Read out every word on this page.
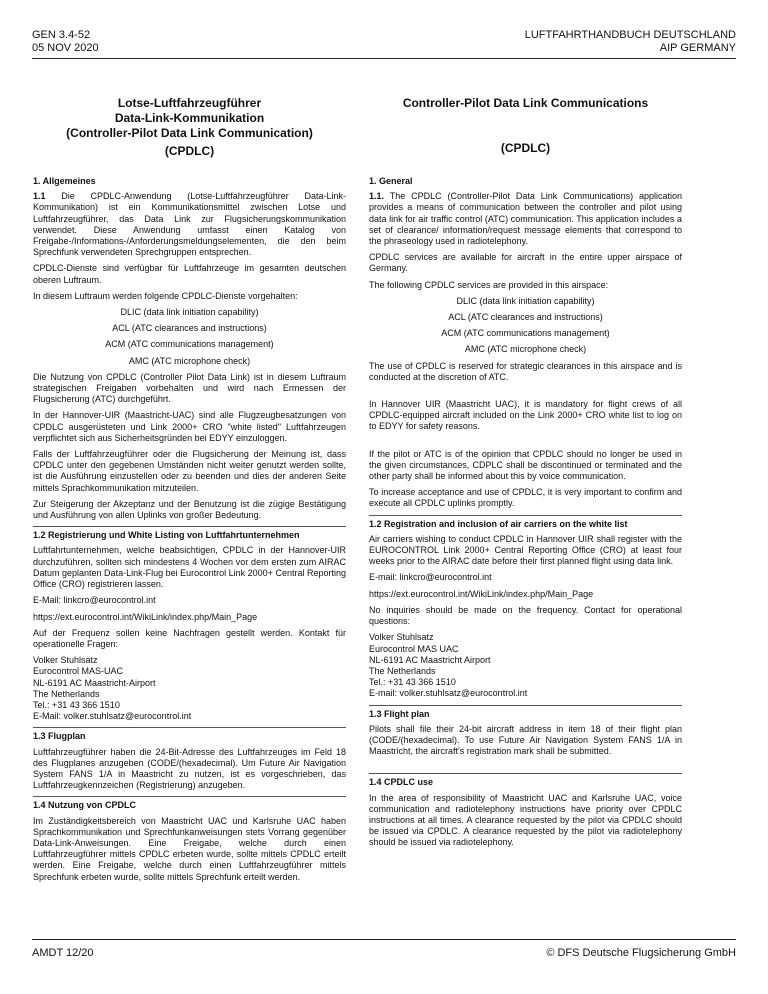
GEN 3.4-52
05 NOV 2020
LUFTFAHRTHANDBUCH DEUTSCHLAND
AIP GERMANY
Lotse-Luftfahrzeugführer
Data-Link-Kommunikation
(Controller-Pilot Data Link Communication)
(CPDLC)
Controller-Pilot Data Link Communications
(CPDLC)

1. Allgemeines

1.1 Die CPDLC-Anwendung (Lotse-Luftfahrzeugführer Data-Link-Kommunikation) ist ein Kommunikationsmittel zwischen Lotse und Luftfahrzeugführer, das Data Link zur Flugsicherungskommunikation verwendet. Diese Anwendung umfasst einen Katalog von Freigabe-/Informations-/Anforderungsmeldungselementen, die den beim Sprechfunk verwendeten Sprechgruppen entsprechen.

CPDLC-Dienste sind verfügbar für Luftfahrzeuge im gesamten deutschen oberen Luftraum.

In diesem Luftraum werden folgende CPDLC-Dienste vorgehalten:

DLIC (data link initiation capability)

ACL (ATC clearances and instructions)

ACM (ATC communications management)

AMC (ATC microphone check)

Die Nutzung von CPDLC (Controller Pilot Data Link) ist in diesem Luftraum strategischen Freigaben vorbehalten und wird nach Ermessen der Flugsicherung (ATC) durchgeführt.

In der Hannover-UIR (Maastricht-UAC) sind alle Flugzeugbesatzungen von CPDLC ausgerüsteten und Link 2000+ CRO "white listed" Luftfahrzeugen verpflichtet sich aus Sicherheitsgründen bei EDYY einzuloggen.

Falls der Luftfahrzeugführer oder die Flugsicherung der Meinung ist, dass CPDLC unter den gegebenen Umständen nicht weiter genutzt werden sollte, ist die Ausführung einzustellen oder zu beenden und dies der anderen Seite mittels Sprachkommunikation mitzuteilen.

Zur Steigerung der Akzeptanz und der Benutzung ist die zügige Bestätigung und Ausführung von allen Uplinks von großer Bedeutung.

1.2 Registrierung und White Listing von Luftfahrtunternehmen

Luftfahrtunternehmen, welche beabsichtigen, CPDLC in der Hannover-UIR durchzuführen, sollten sich mindestens 4 Wochen vor dem ersten zum AIRAC Datum geplanten Data-Link-Flug bei Eurocontrol Link 2000+ Central Reporting Office (CRO) registrieren lassen.

E-Mail: linkcro@eurocontrol.int

https://ext.eurocontrol.int/WikiLink/index.php/Main_Page

Auf der Frequenz sollen keine Nachfragen gestellt werden. Kontakt für operationelle Fragen:

Volker Stuhlsatz
Eurocontrol MAS-UAC
NL-6191 AC Maastricht-Airport
The Netherlands
Tel.: +31 43 366 1510
E-Mail: volker.stuhlsatz@eurocontrol.int

1.3 Flugplan

Luftfahrzeugführer haben die 24-Bit-Adresse des Luftfahrzeuges im Feld 18 des Flugplanes anzugeben (CODE/(hexadecimal). Um Future Air Navigation System FANS 1/A in Maastricht zu nutzen, ist es vorgeschrieben, das Luftfahrzeugkennzeichen (Registrierung) anzugeben.

1.4 Nutzung von CPDLC

Im Zuständigkeitsbereich von Maastricht UAC und Karlsruhe UAC haben Sprachkommunikation und Sprechfunkanweisungen stets Vorrang gegenüber Data-Link-Anweisungen. Eine Freigabe, welche durch einen Luftfahrzeugführer mittels CPDLC erbeten wurde, sollte mittels CPDLC erteilt werden. Eine Freigabe, welche durch einen Luftfahrzeugführer mittels Sprechfunk erbeten wurde, sollte mittels Sprechfunk erteilt werden.

1. General

1.1. The CPDLC (Controller-Pilot Data Link Communications) application provides a means of communication between the controller and pilot using data link for air traffic control (ATC) communication. This application includes a set of clearance/ information/request message elements that correspond to the phraseology used in radiotelephony.

CPDLC services are available for aircraft in the entire upper airspace of Germany.

The following CPDLC services are provided in this airspace:

DLIC (data link initiation capability)

ACL (ATC clearances and instructions)

ACM (ATC communications management)

AMC (ATC microphone check)

The use of CPDLC is reserved for strategic clearances in this airspace and is conducted at the discretion of ATC.

In Hannover UIR (Maastricht UAC), it is mandatory for flight crews of all CPDLC-equipped aircraft included on the Link 2000+ CRO white list to log on to EDYY for safety reasons.

If the pilot or ATC is of the opinion that CPDLC should no longer be used in the given circumstances, CDPLC shall be discontinued or terminated and the other party shall be informed about this by voice communication.

To increase acceptance and use of CPDLC, it is very important to confirm and execute all CPDLC uplinks promptly.

1.2 Registration and inclusion of air carriers on the white list

Air carriers wishing to conduct CPDLC in Hannover UIR shall register with the EUROCONTROL Link 2000+ Central Reporting Office (CRO) at least four weeks prior to the AIRAC date before their first planned flight using data link.

E-mail: linkcro@eurocontrol.int

https://ext.eurocontrol.int/WikiLink/index.php/Main_Page

No inquiries should be made on the frequency. Contact for operational questions:

Volker Stuhlsatz
Eurocontrol MAS UAC
NL-6191 AC Maastricht Airport
The Netherlands
Tel.: +31 43 366 1510
E-mail: volker.stuhlsatz@eurocontrol.int

1.3 Flight plan

Pilots shall file their 24-bit aircraft address in item 18 of their flight plan (CODE/(hexadecimal). To use Future Air Navigation System FANS 1/A in Maastricht, the aircraft's registration mark shall be submitted.

1.4 CPDLC use

In the area of responsibility of Maastricht UAC and Karlsruhe UAC, voice communication and radiotelephony instructions have priority over CPDLC instructions at all times. A clearance requested by the pilot via CPDLC should be issued via CPDLC. A clearance requested by the pilot via radiotelephony should be issued via radiotelephony.

AMDT 12/20	© DFS Deutsche Flugsicherung GmbH
